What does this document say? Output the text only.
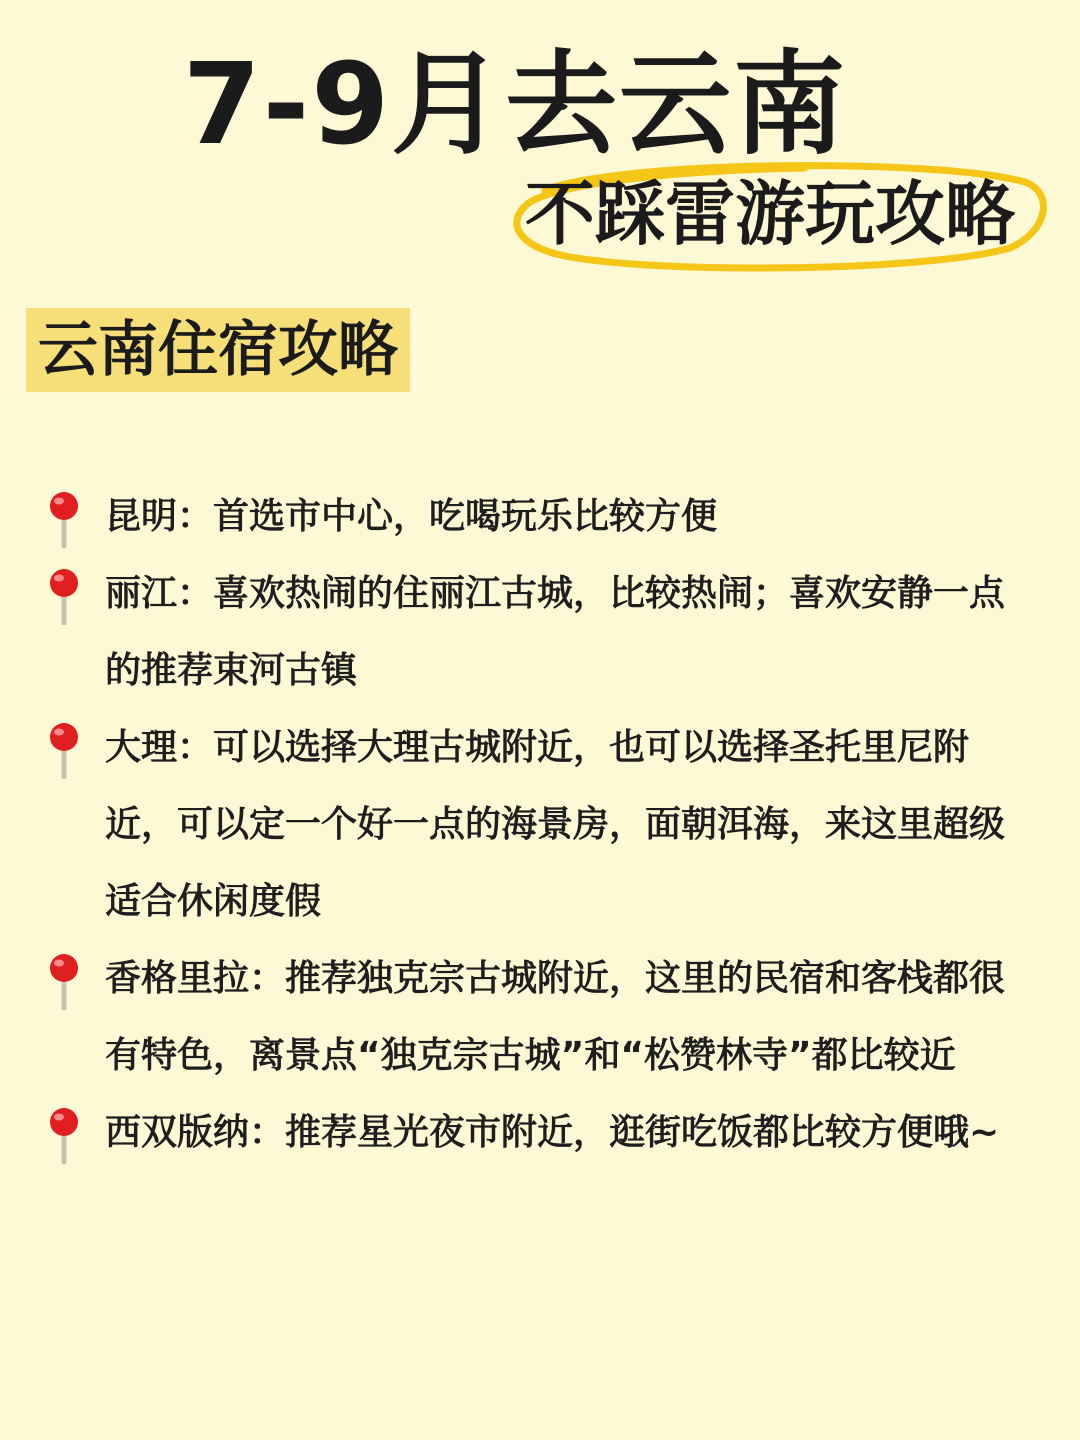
7-9月去云南
不踩雷游玩攻略
云南住宿攻略
昆明：首选市中心，吃喝玩乐比较方便
丽江：喜欢热闹的住丽江古城，比较热闹；喜欢安静一点的推荐束河古镇
大理：可以选择大理古城附近，也可以选择圣托里尼附近，可以定一个好一点的海景房，面朝洱海，来这里超级适合休闲度假
香格里拉：推荐独克宗古城附近，这里的民宿和客栈都很有特色，离景点“独克宗古城”和“松赞林寺”都比较近
西双版纳：推荐星光夜市附近，逛街吃饭都比较方便哦~
